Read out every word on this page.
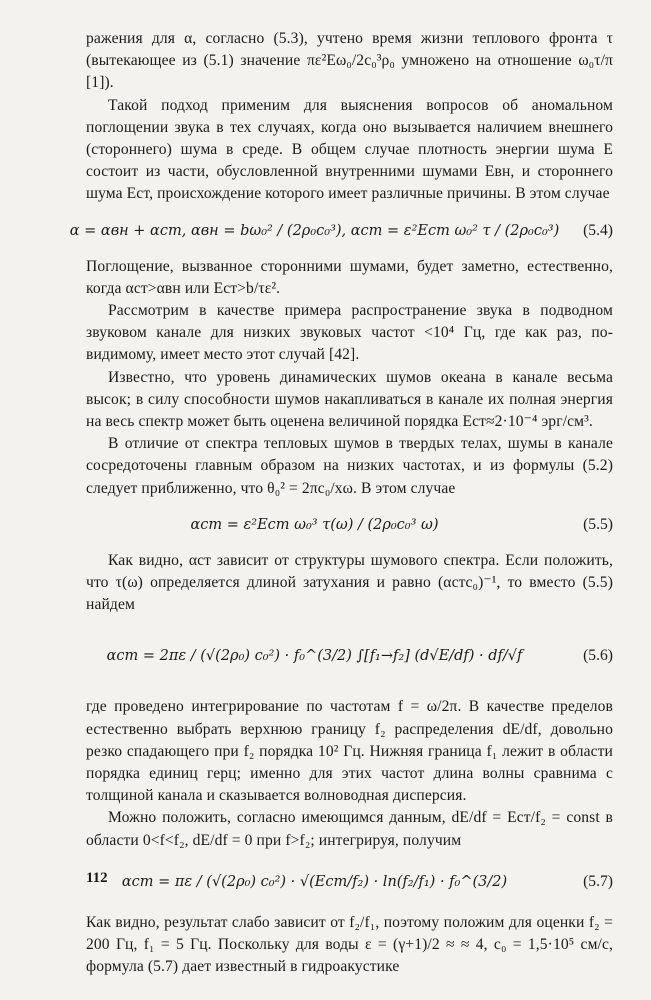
ражения для α, согласно (5.3), учтено время жизни теплового фронта τ (вытекающее из (5.1) значение πε²Eω₀/2c₀³ρ₀ умножено на отношение ω₀τ/π [1]).

Такой подход применим для выяснения вопросов об аномальном поглощении звука в тех случаях, когда оно вызывается наличием внешнего (стороннего) шума в среде. В общем случае плотность энергии шума E состоит из части, обусловленной внутренними шумами Eвн, и стороннего шума Eст, происхождение которого имеет различные причины. В этом случае

α = αвн + αст, αвн = bω₀² / (2ρ₀c₀³), αст = ε²Eст ω₀² τ / (2ρ₀c₀³) (5.4)

Поглощение, вызванное сторонними шумами, будет заметно, естественно, когда αст>αвн или Eст>b/τε².

Рассмотрим в качестве примера распространение звука в подводном звуковом канале для низких звуковых частот <10⁴ Гц, где как раз, по-видимому, имеет место этот случай [42].

Известно, что уровень динамических шумов океана в канале весьма высок; в силу способности шумов накапливаться в канале их полная энергия на весь спектр может быть оценена величиной порядка Eст≈2·10⁻⁴ эрг/см³.

В отличие от спектра тепловых шумов в твердых телах, шумы в канале сосредоточены главным образом на низких частотах, и из формулы (5.2) следует приближенно, что θ₀² = 2πc₀/xω. В этом случае

αст = ε²Eст ω₀³ τ(ω) / (2ρ₀c₀³ ω)	(5.5)

Как видно, αст зависит от структуры шумового спектра. Если положить, что τ(ω) определяется длиной затухания и равно (αстc₀)⁻¹, то вместо (5.5) найдем

αст = 2πε / (√(2ρ₀) c₀²) · f₀^(3/2) ∫[f₁→f₂] (d√E/df) · df/√f	(5.6)

где проведено интегрирование по частотам f = ω/2π. В качестве пределов естественно выбрать верхнюю границу f₂ распределения dE/df, довольно резко спадающего при f₂ порядка 10² Гц. Нижняя граница f₁ лежит в области порядка единиц герц; именно для этих частот длина волны сравнима с толщиной канала и сказывается волноводная дисперсия.

Можно положить, согласно имеющимся данным, dE/df = Eст/f₂ = const в области 0<f<f₂, dE/df = 0 при f>f₂; интегрируя, получим

αст = πε / (√(2ρ₀) c₀²) · √(Eст/f₂) · ln(f₂/f₁) · f₀^(3/2)	(5.7)

Как видно, результат слабо зависит от f₂/f₁, поэтому положим для оценки f₂ = 200 Гц, f₁ = 5 Гц. Поскольку для воды ε = (γ+1)/2 ≈ ≈ 4, c₀ = 1,5·10⁵ см/с, формула (5.7) дает известный в гидроакустике

112
